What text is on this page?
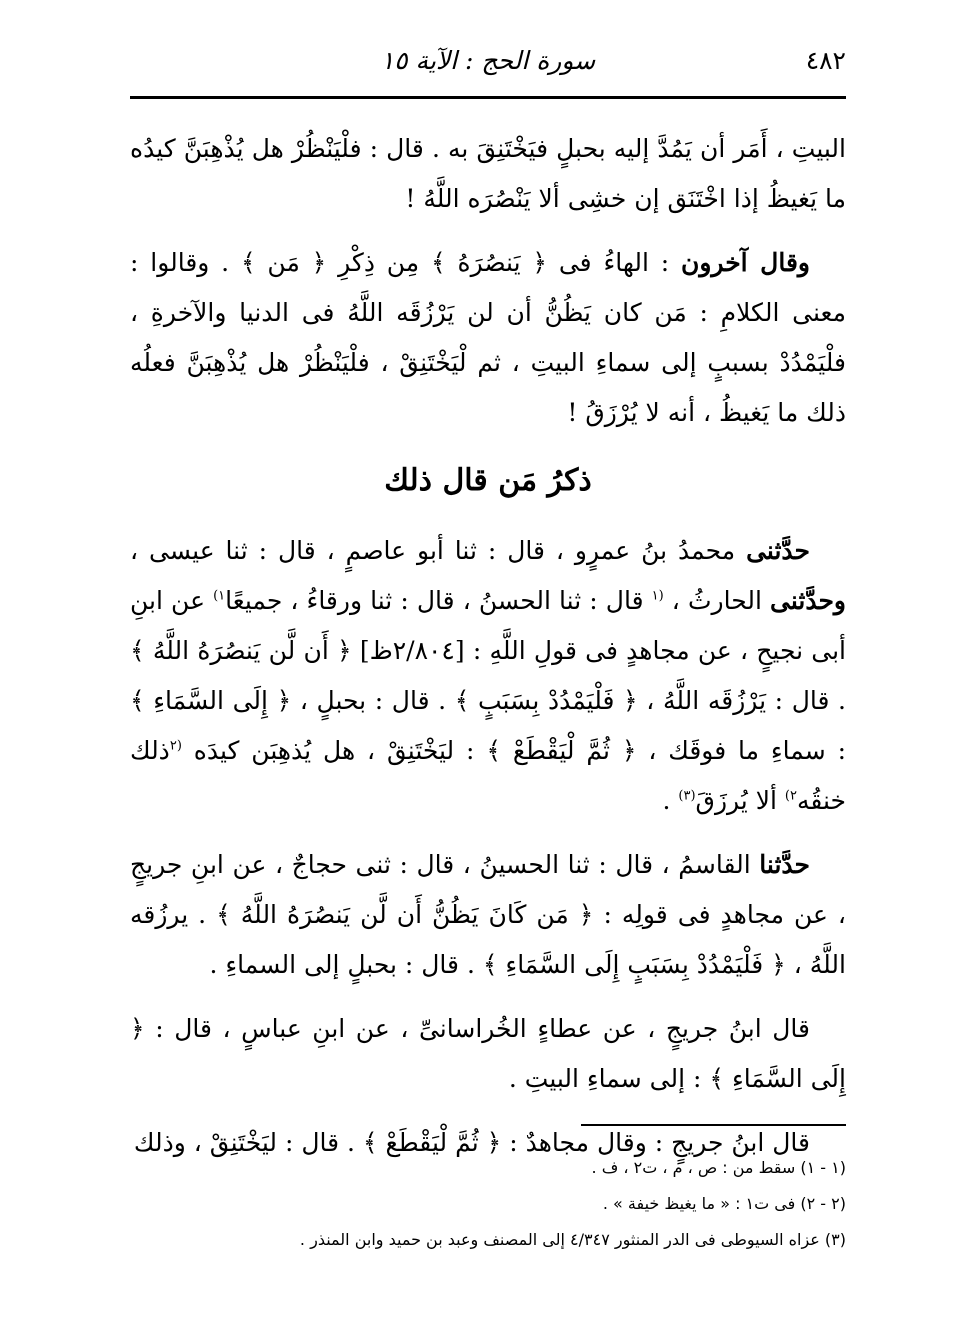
٤٨٢
سورة الحج : الآية ١٥

البيتِ ، أَمَر أن يَمُدَّ إليه بحبلٍ فيَخْتَنِقَ به . قال : فلْيَنْظُرْ هل يُذْهِبَنَّ كيدُه ما يَغيظُ إذا اخْتَنَق إن خشِى ألا يَنْصُرَه اللَّهُ !

وقال آخرون : الهاءُ فى ﴿ يَنصُرَهُ ﴾ مِن ذِكْرِ ﴿ مَن ﴾ . وقالوا : معنى الكلامِ : مَن كان يَظُنُّ أن لن يَرْزُقَه اللَّهُ فى الدنيا والآخرةِ ، فلْيَمْدُدْ بسببٍ إلى سماءِ البيتِ ، ثم لْيَخْتَنِقْ ، فلْيَنْظُرْ هل يُذْهِبَنَّ فعلُه ذلك ما يَغيظُ ، أنه لا يُرْزَقُ !

ذكرُ مَن قال ذلك

حدَّثنى محمدُ بنُ عمرٍو ، قال : ثنا أبو عاصمٍ ، قال : ثنا عيسى ، وحدَّثنى الحارثُ ، $^{(١}$ قال : ثنا الحسنُ ، قال : ثنا ورقاءُ ، جميعًا$^{١)}$ عن ابنِ أبى نجيحٍ ، عن مجاهدٍ فى قولِ اللَّهِ : [٢/٨٠٤ظ] ﴿ أَن لَّن يَنصُرَهُ اللَّهُ ﴾ . قال : يَرْزُقَه اللَّهُ ، ﴿ فَلْيَمْدُدْ بِسَبَبٍ ﴾ . قال : بحبلٍ ، ﴿ إِلَى السَّمَاءِ ﴾ : سماءِ ما فوقَك ، ﴿ ثُمَّ لْيَقْطَعْ ﴾ : ليَخْتَنِقْ ، هل يُذهِبَن كيدَه $^{(٢}$ذلك خنقُه$^{٢)}$ ألا يُرزَقَ$^{(٣)}$ .

حدَّثنا القاسمُ ، قال : ثنا الحسينُ ، قال : ثنى حجاجٌ ، عن ابنِ جريجٍ ، عن مجاهدٍ فى قولِه : ﴿ مَن كَانَ يَظُنُّ أَن لَّن يَنصُرَهُ اللَّهُ ﴾ . يرزُقه اللَّهُ ، ﴿ فَلْيَمْدُدْ بِسَبَبٍ إِلَى السَّمَاءِ ﴾ . قال : بحبلٍ إلى السماءِ .

قال ابنُ جريجٍ ، عن عطاءٍ الخُراسانىِّ ، عن ابنِ عباسٍ ، قال : ﴿ إِلَى السَّمَاءِ ﴾ : إلى سماءِ البيتِ .

قال ابنُ جريجٍ : وقال مجاهدٌ : ﴿ ثُمَّ لْيَقْطَعْ ﴾ . قال : ليَخْتَنِقْ ، وذلك

(١ - ١) سقط من : ص ، م ، ت٢ ، ف .
(٢ - ٢) فى ت١ : « ما يغيظ خيفة » .
(٣) عزاه السيوطى فى الدر المنثور ٤/٣٤٧ إلى المصنف وعبد بن حميد وابن المنذر .
